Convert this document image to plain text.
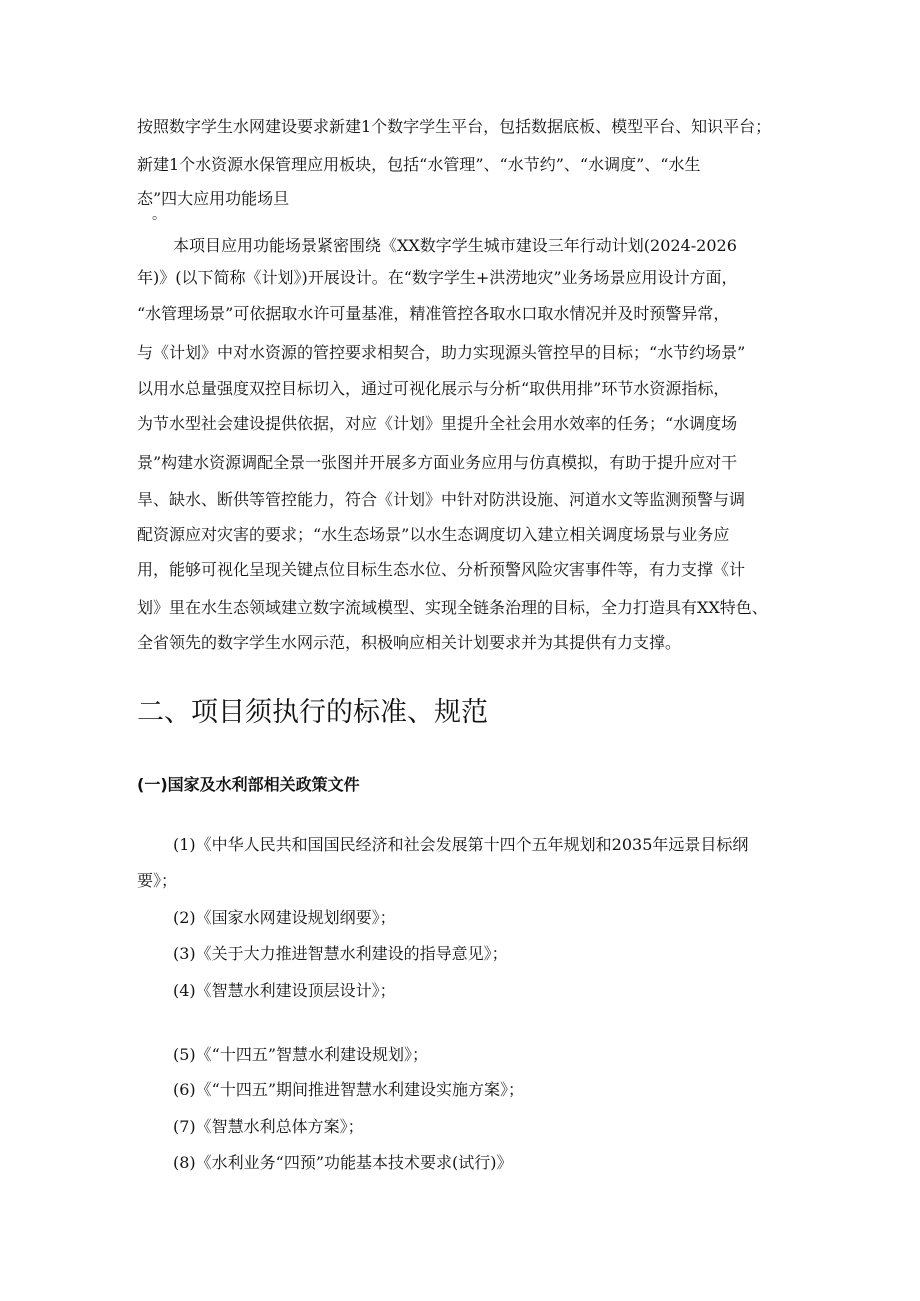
按照数字学生水网建设要求新建1个数字学生平台，包括数据底板、模型平台、知识平台；
新建1个水资源水保管理应用板块，包括“水管理”、“水节约”、“水调度”、“水生
态”四大应用功能场旦
。
本项目应用功能场景紧密围绕《XX数字学生城市建设三年行动计划(2024-2026
年)》(以下简称《计划》)开展设计。在“数字学生+洪涝地灾”业务场景应用设计方面，
“水管理场景”可依据取水许可量基准，精准管控各取水口取水情况并及时预警异常，
与《计划》中对水资源的管控要求相契合，助力实现源头管控早的目标；“水节约场景”
以用水总量强度双控目标切入，通过可视化展示与分析“取供用排”环节水资源指标，
为节水型社会建设提供依据，对应《计划》里提升全社会用水效率的任务；“水调度场
景”构建水资源调配全景一张图并开展多方面业务应用与仿真模拟，有助于提升应对干
旱、缺水、断供等管控能力，符合《计划》中针对防洪设施、河道水文等监测预警与调
配资源应对灾害的要求；“水生态场景”以水生态调度切入建立相关调度场景与业务应
用，能够可视化呈现关键点位目标生态水位、分析预警风险灾害事件等，有力支撑《计
划》里在水生态领域建立数字流域模型、实现全链条治理的目标，全力打造具有XX特色、
全省领先的数字学生水网示范，积极响应相关计划要求并为其提供有力支撑。
二、项目须执行的标准、规范
(一)国家及水利部相关政策文件
(1)《中华人民共和国国民经济和社会发展第十四个五年规划和2035年远景目标纲
要》；
(2)《国家水网建设规划纲要》；
(3)《关于大力推进智慧水利建设的指导意见》；
(4)《智慧水利建设顶层设计》；
(5)《“十四五”智慧水利建设规划》；
(6)《“十四五”期间推进智慧水利建设实施方案》；
(7)《智慧水利总体方案》；
(8)《水利业务“四预”功能基本技术要求(试行)》
